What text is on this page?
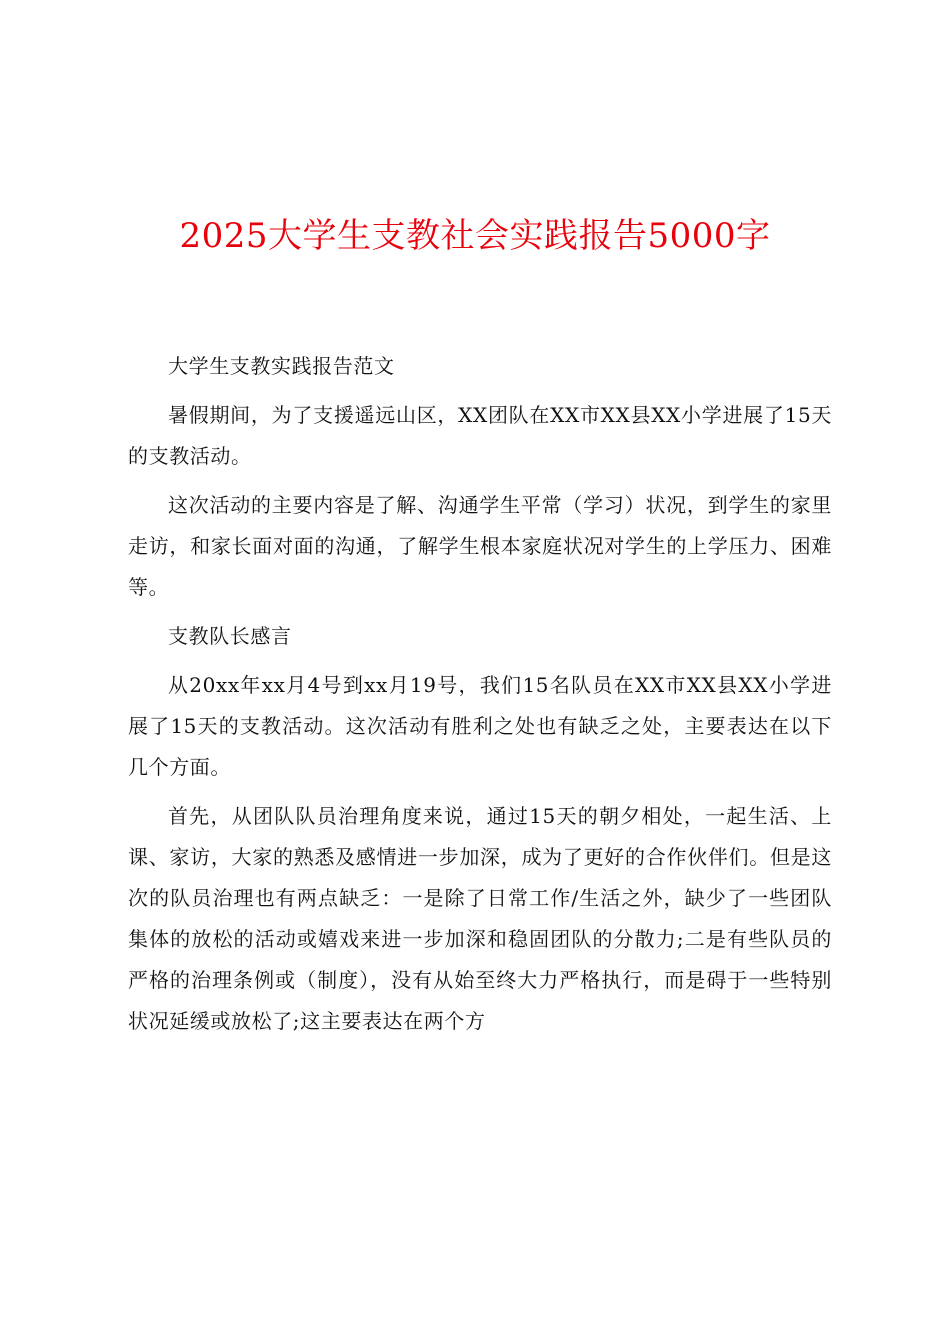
2025大学生支教社会实践报告5000字

大学生支教实践报告范文

暑假期间，为了支援遥远山区，XX团队在XX市XX县XX小学进展了15天的支教活动。

这次活动的主要内容是了解、沟通学生平常（学习）状况，到学生的家里走访，和家长面对面的沟通，了解学生根本家庭状况对学生的上学压力、困难等。

支教队长感言

从20xx年xx月4号到xx月19号，我们15名队员在XX市XX县XX小学进展了15天的支教活动。这次活动有胜利之处也有缺乏之处，主要表达在以下几个方面。

首先，从团队队员治理角度来说，通过15天的朝夕相处，一起生活、上课、家访，大家的熟悉及感情进一步加深，成为了更好的合作伙伴们。但是这次的队员治理也有两点缺乏：一是除了日常工作/生活之外，缺少了一些团队集体的放松的活动或嬉戏来进一步加深和稳固团队的分散力;二是有些队员的严格的治理条例或（制度），没有从始至终大力严格执行，而是碍于一些特别状况延缓或放松了;这主要表达在两个方
